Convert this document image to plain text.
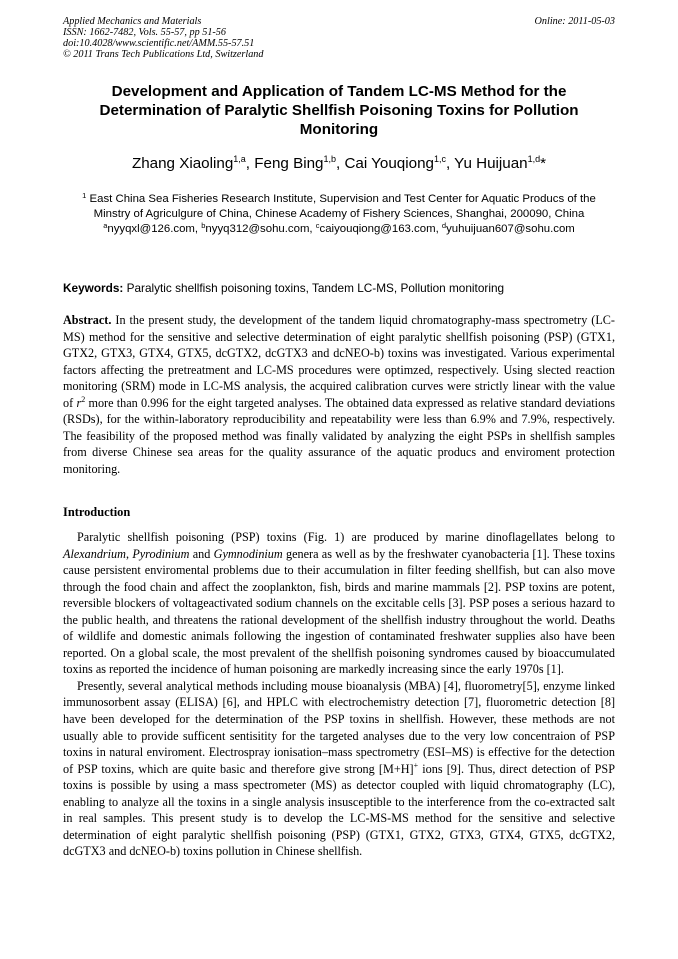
Applied Mechanics and Materials
ISSN: 1662-7482, Vols. 55-57, pp 51-56
doi:10.4028/www.scientific.net/AMM.55-57.51
© 2011 Trans Tech Publications Ltd, Switzerland
Online: 2011-05-03
Development and Application of Tandem LC-MS Method for the Determination of Paralytic Shellfish Poisoning Toxins for Pollution Monitoring
Zhang Xiaoling$^{1,a}$, Feng Bing$^{1,b}$, Cai Youqiong$^{1,c}$, Yu Huijuan$^{1,d}$*
$^1$ East China Sea Fisheries Research Institute, Supervision and Test Center for Aquatic Producs of the Minstry of Agriculgure of China, Chinese Academy of Fishery Sciences, Shanghai, 200090, China
$^a$nyyqxl@126.com, $^b$nyyq312@sohu.com, $^c$caiyouqiong@163.com, $^d$yuhuijuan607@sohu.com
Keywords: Paralytic shellfish poisoning toxins, Tandem LC-MS, Pollution monitoring
Abstract. In the present study, the development of the tandem liquid chromatography-mass spectrometry (LC-MS) method for the sensitive and selective determination of eight paralytic shellfish poisoning (PSP) (GTX1, GTX2, GTX3, GTX4, GTX5, dcGTX2, dcGTX3 and dcNEO-b) toxins was investigated. Various experimental factors affecting the pretreatment and LC-MS procedures were optimzed, respectively. Using slected reaction monitoring (SRM) mode in LC-MS analysis, the acquired calibration curves were strictly linear with the value of $r^2$ more than 0.996 for the eight targeted analyses. The obtained data expressed as relative standard deviations (RSDs), for the within-laboratory reproducibility and repeatability were less than 6.9% and 7.9%, respectively. The feasibility of the proposed method was finally validated by analyzing the eight PSPs in shellfish samples from diverse Chinese sea areas for the quality assurance of the aquatic producs and enviroment protection monitoring.
Introduction

Paralytic shellfish poisoning (PSP) toxins (Fig. 1) are produced by marine dinoflagellates belong to Alexandrium, Pyrodinium and Gymnodinium genera as well as by the freshwater cyanobacteria [1]. These toxins cause persistent enviromental problems due to their accumulation in filter feeding shellfish, but can also move through the food chain and affect the zooplankton, fish, birds and marine mammals [2]. PSP toxins are potent, reversible blockers of voltageactivated sodium channels on the excitable cells [3]. PSP poses a serious hazard to the public health, and threatens the rational development of the shellfish industry throughout the world. Deaths of wildlife and domestic animals following the ingestion of contaminated freshwater supplies also have been reported. On a global scale, the most prevalent of the shellfish poisoning syndromes caused by bioaccumulated toxins as reported the incidence of human poisoning are markedly increasing since the early 1970s [1].

Presently, several analytical methods including mouse bioanalysis (MBA) [4], fluorometry[5], enzyme linked immunosorbent assay (ELISA) [6], and HPLC with electrochemistry detection [7], fluorometric detection [8] have been developed for the determination of the PSP toxins in shellfish. However, these methods are not usually able to provide sufficent sentisitity for the targeted analyses due to the very low concentraion of PSP toxins in natural enviroment. Electrospray ionisation–mass spectrometry (ESI–MS) is effective for the detection of PSP toxins, which are quite basic and therefore give strong [M+H]+ ions [9]. Thus, direct detection of PSP toxins is possible by using a mass spectrometer (MS) as detector coupled with liquid chromatography (LC), enabling to analyze all the toxins in a single analysis insusceptible to the interference from the co-extracted salt in real samples. This present study is to develop the LC-MS-MS method for the sensitive and selective determination of eight paralytic shellfish poisoning (PSP) (GTX1, GTX2, GTX3, GTX4, GTX5, dcGTX2, dcGTX3 and dcNEO-b) toxins pollution in Chinese shellfish.
